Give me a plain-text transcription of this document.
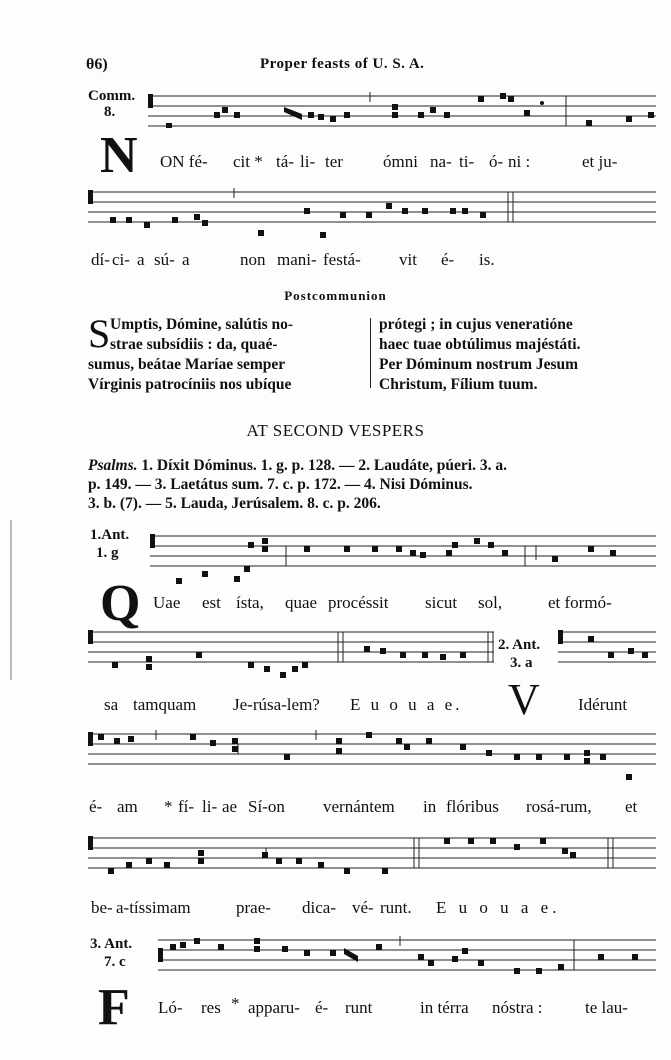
θ6)	Proper feasts of U. S. A.
Comm.
8.
N ON fé- cit * tá- li- ter ómni na- ti- ó- ni :	et ju-
dí- ci- a sú- a	non mani- festá- vit é- is.
Postcommunion
S Umptis, Dómine, salútis no-
strae subsídiis : da, quaé-
sumus, beátae Maríae semper
Vírginis patrocíniis nos ubíque
prótegi ; in cujus veneratióne
haec tuae obtúlimus majéstáti.
Per Dóminum nostrum Jesum
Christum, Fílium tuum.
AT SECOND VESPERS
Psalms. 1. Díxit Dóminus. 1. g. p. 128. — 2. Laudáte, púeri. 3. a.
p. 149. — 3. Laetátus sum. 7. c. p. 172. — 4. Nisi Dóminus.
3. b. (7). — 5. Lauda, Jerúsalem. 8. c. p. 206.
1.Ant.
1. g
Q Uae est ísta, quae procéssit sicut sol,	et formó-
2. Ant.
3. a
sa tamquam Je-rúsa-lem? E u o u a e. V Idérunt
é- am * fí- li- ae Sí-on vernántem in flóribus rosá-rum, et
be- a-tíssimam	prae- dica- vé- runt. E u o u a e.
3. Ant.
7. c
F Ló- res * apparu- é- runt	in térra nóstra : te lau-
